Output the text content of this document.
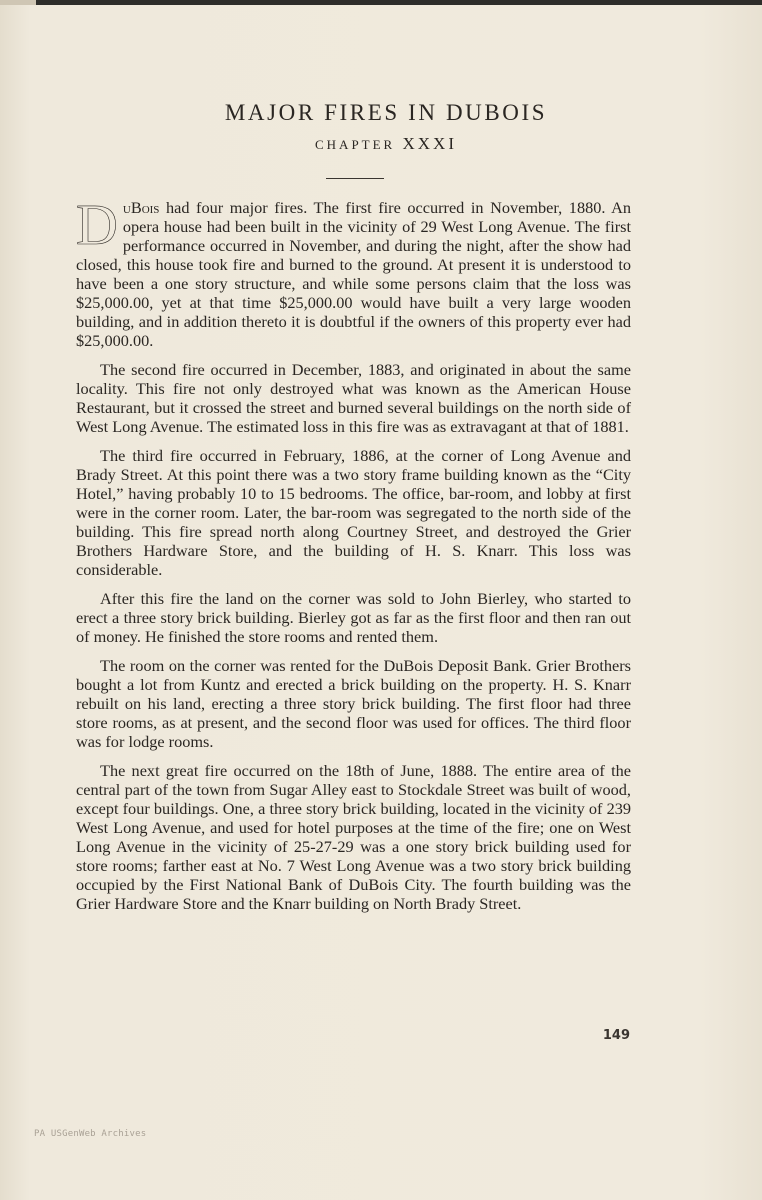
MAJOR FIRES IN DUBOIS
CHAPTER XXXI

DuBois had four major fires. The first fire occurred in November, 1880. An opera house had been built in the vicinity of 29 West Long Avenue. The first performance occurred in November, and during the night, after the show had closed, this house took fire and burned to the ground. At present it is understood to have been a one story structure, and while some persons claim that the loss was $25,000.00, yet at that time $25,000.00 would have built a very large wooden building, and in addition thereto it is doubtful if the owners of this property ever had $25,000.00.

The second fire occurred in December, 1883, and originated in about the same locality. This fire not only destroyed what was known as the American House Restaurant, but it crossed the street and burned several buildings on the north side of West Long Avenue. The estimated loss in this fire was as extravagant at that of 1881.

The third fire occurred in February, 1886, at the corner of Long Avenue and Brady Street. At this point there was a two story frame building known as the “City Hotel,” having probably 10 to 15 bedrooms. The office, bar-room, and lobby at first were in the corner room. Later, the bar-room was segregated to the north side of the building. This fire spread north along Courtney Street, and destroyed the Grier Brothers Hardware Store, and the building of H. S. Knarr. This loss was considerable.

After this fire the land on the corner was sold to John Bierley, who started to erect a three story brick building. Bierley got as far as the first floor and then ran out of money. He finished the store rooms and rented them.

The room on the corner was rented for the DuBois Deposit Bank. Grier Brothers bought a lot from Kuntz and erected a brick building on the property. H. S. Knarr rebuilt on his land, erecting a three story brick building. The first floor had three store rooms, as at present, and the second floor was used for offices. The third floor was for lodge rooms.

The next great fire occurred on the 18th of June, 1888. The entire area of the central part of the town from Sugar Alley east to Stockdale Street was built of wood, except four buildings. One, a three story brick building, located in the vicinity of 239 West Long Avenue, and used for hotel purposes at the time of the fire; one on West Long Avenue in the vicinity of 25-27-29 was a one story brick building used for store rooms; farther east at No. 7 West Long Avenue was a two story brick building occupied by the First National Bank of DuBois City. The fourth building was the Grier Hardware Store and the Knarr building on North Brady Street.

149
PA USGenWeb Archives
